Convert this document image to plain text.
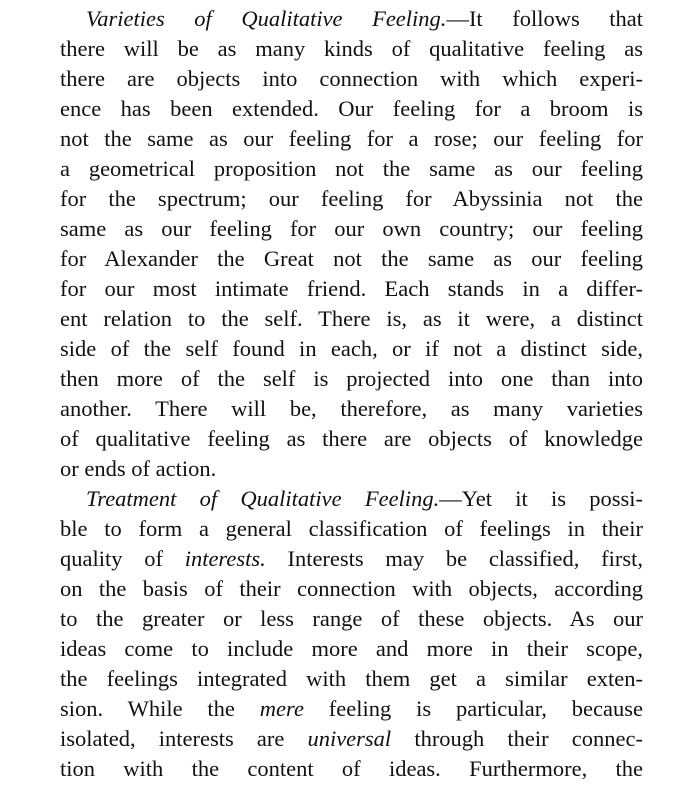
Varieties of Qualitative Feeling.—It follows that
there will be as many kinds of qualitative feeling as
there are objects into connection with which experi-
ence has been extended. Our feeling for a broom is
not the same as our feeling for a rose; our feeling for
a geometrical proposition not the same as our feeling
for the spectrum; our feeling for Abyssinia not the
same as our feeling for our own country; our feeling
for Alexander the Great not the same as our feeling
for our most intimate friend. Each stands in a differ-
ent relation to the self. There is, as it were, a distinct
side of the self found in each, or if not a distinct side,
then more of the self is projected into one than into
another. There will be, therefore, as many varieties
of qualitative feeling as there are objects of knowledge
or ends of action.
Treatment of Qualitative Feeling.—Yet it is possi-
ble to form a general classification of feelings in their
quality of interests. Interests may be classified, first,
on the basis of their connection with objects, according
to the greater or less range of these objects. As our
ideas come to include more and more in their scope,
the feelings integrated with them get a similar exten-
sion. While the mere feeling is particular, because
isolated, interests are universal through their connec-
tion with the content of ideas. Furthermore, the
